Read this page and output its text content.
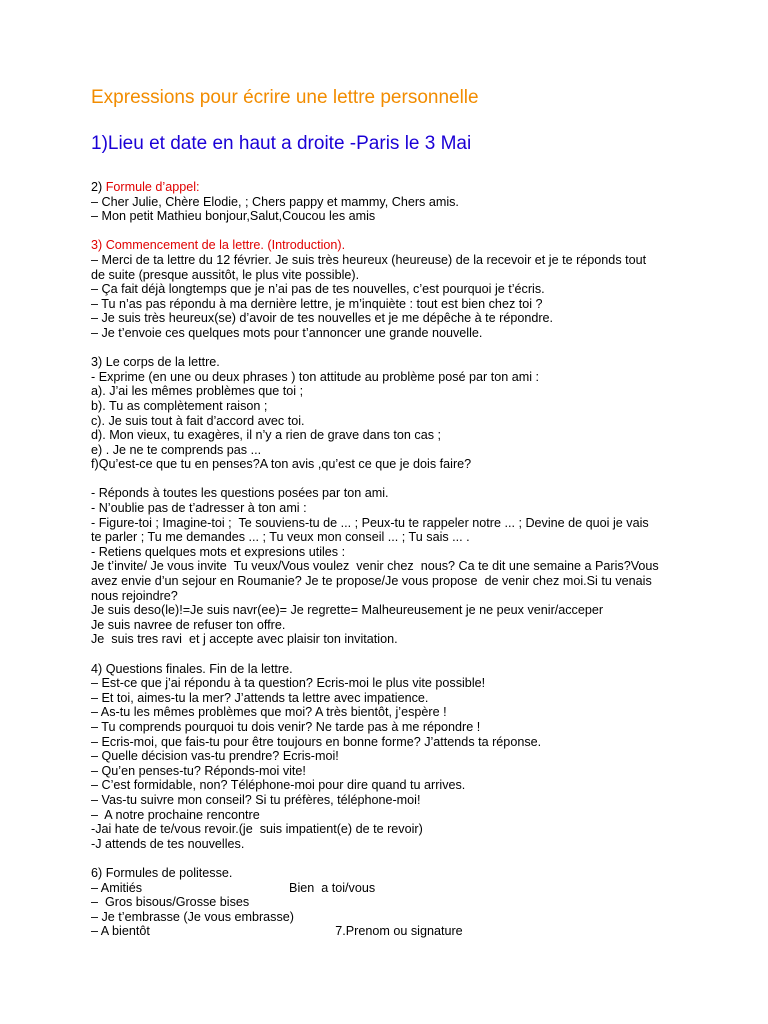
Expressions pour écrire une lettre personnelle
1)Lieu et date en haut a droite -Paris le 3 Mai
2) Formule d’appel:
– Cher Julie, Chère Elodie, ; Chers pappy et mammy, Chers amis.
– Mon petit Mathieu bonjour,Salut,Coucou les amis
3) Commencement de la lettre. (Introduction).
– Merci de ta lettre du 12 février. Je suis très heureux (heureuse) de la recevoir et je te réponds tout
de suite (presque aussitôt, le plus vite possible).
– Ça fait déjà longtemps que je n’ai pas de tes nouvelles, c’est pourquoi je t’écris.
– Tu n’as pas répondu à ma dernière lettre, je m’inquiète : tout est bien chez toi ?
– Je suis très heureux(se) d’avoir de tes nouvelles et je me dépêche à te répondre.
– Je t’envoie ces quelques mots pour t’annoncer une grande nouvelle.
3) Le corps de la lettre.
- Exprime (en une ou deux phrases ) ton attitude au problème posé par ton ami :
a). J’ai les mêmes problèmes que toi ;
b). Tu as complètement raison ;
c). Je suis tout à fait d’accord avec toi.
d). Mon vieux, tu exagères, il n’y a rien de grave dans ton cas ;
e) . Je ne te comprends pas ...
f)Qu’est-ce que tu en penses?A ton avis ,qu’est ce que je dois faire?
- Réponds à toutes les questions posées par ton ami.
- N’oublie pas de t’adresser à ton ami :
- Figure-toi ; Imagine-toi ;  Te souviens-tu de ... ; Peux-tu te rappeler notre ... ; Devine de quoi je vais
te parler ; Tu me demandes ... ; Tu veux mon conseil ... ; Tu sais ... .
- Retiens quelques mots et expresions utiles :
Je t’invite/ Je vous invite  Tu veux/Vous voulez  venir chez  nous? Ca te dit une semaine a Paris?Vous
avez envie d’un sejour en Roumanie? Je te propose/Je vous propose  de venir chez moi.Si tu venais
nous rejoindre?
Je suis deso(le)!=Je suis navr(ee)= Je regrette= Malheureusement je ne peux venir/acceper
Je suis navree de refuser ton offre.
Je  suis tres ravi  et j accepte avec plaisir ton invitation.
4) Questions finales. Fin de la lettre.
– Est-ce que j’ai répondu à ta question? Ecris-moi le plus vite possible!
– Et toi, aimes-tu la mer? J’attends ta lettre avec impatience.
– As-tu les mêmes problèmes que moi? A très bientôt, j’espère !
– Tu comprends pourquoi tu dois venir? Ne tarde pas à me répondre !
– Ecris-moi, que fais-tu pour être toujours en bonne forme? J’attends ta réponse.
– Quelle décision vas-tu prendre? Ecris-moi!
– Qu’en penses-tu? Réponds-moi vite!
– C’est formidable, non? Téléphone-moi pour dire quand tu arrives.
– Vas-tu suivre mon conseil? Si tu préfères, téléphone-moi!
–  A notre prochaine rencontre
-Jai hate de te/vous revoir.(je  suis impatient(e) de te revoir)
-J attends de tes nouvelles.
6) Formules de politesse.
– Amitiés                                          Bien  a toi/vous
–  Gros bisous/Grosse bises
– Je t’embrasse (Je vous embrasse)
– A bientôt                                                     7.Prenom ou signature
